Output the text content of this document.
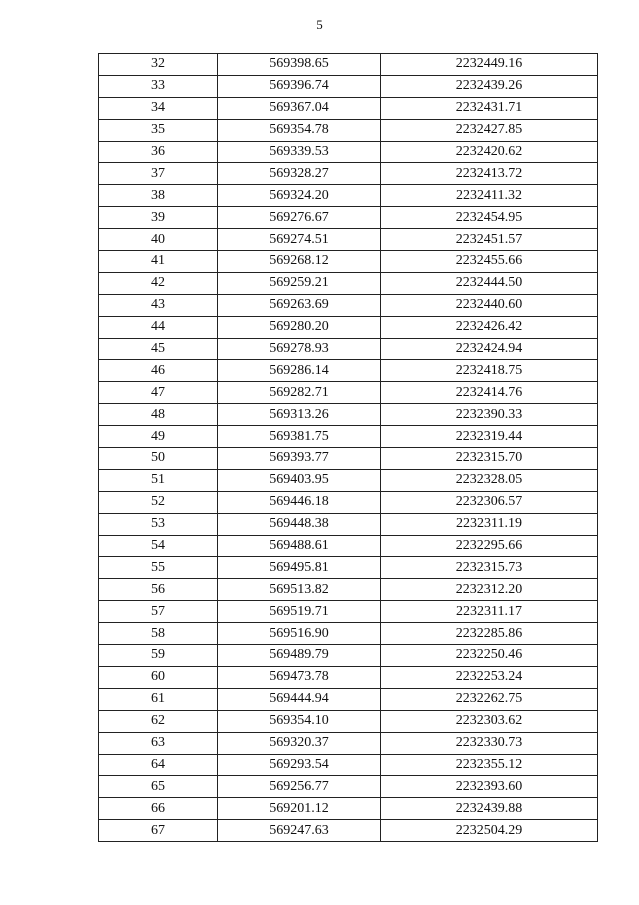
5
32	569398.65	2232449.16
33	569396.74	2232439.26
34	569367.04	2232431.71
35	569354.78	2232427.85
36	569339.53	2232420.62
37	569328.27	2232413.72
38	569324.20	2232411.32
39	569276.67	2232454.95
40	569274.51	2232451.57
41	569268.12	2232455.66
42	569259.21	2232444.50
43	569263.69	2232440.60
44	569280.20	2232426.42
45	569278.93	2232424.94
46	569286.14	2232418.75
47	569282.71	2232414.76
48	569313.26	2232390.33
49	569381.75	2232319.44
50	569393.77	2232315.70
51	569403.95	2232328.05
52	569446.18	2232306.57
53	569448.38	2232311.19
54	569488.61	2232295.66
55	569495.81	2232315.73
56	569513.82	2232312.20
57	569519.71	2232311.17
58	569516.90	2232285.86
59	569489.79	2232250.46
60	569473.78	2232253.24
61	569444.94	2232262.75
62	569354.10	2232303.62
63	569320.37	2232330.73
64	569293.54	2232355.12
65	569256.77	2232393.60
66	569201.12	2232439.88
67	569247.63	2232504.29
